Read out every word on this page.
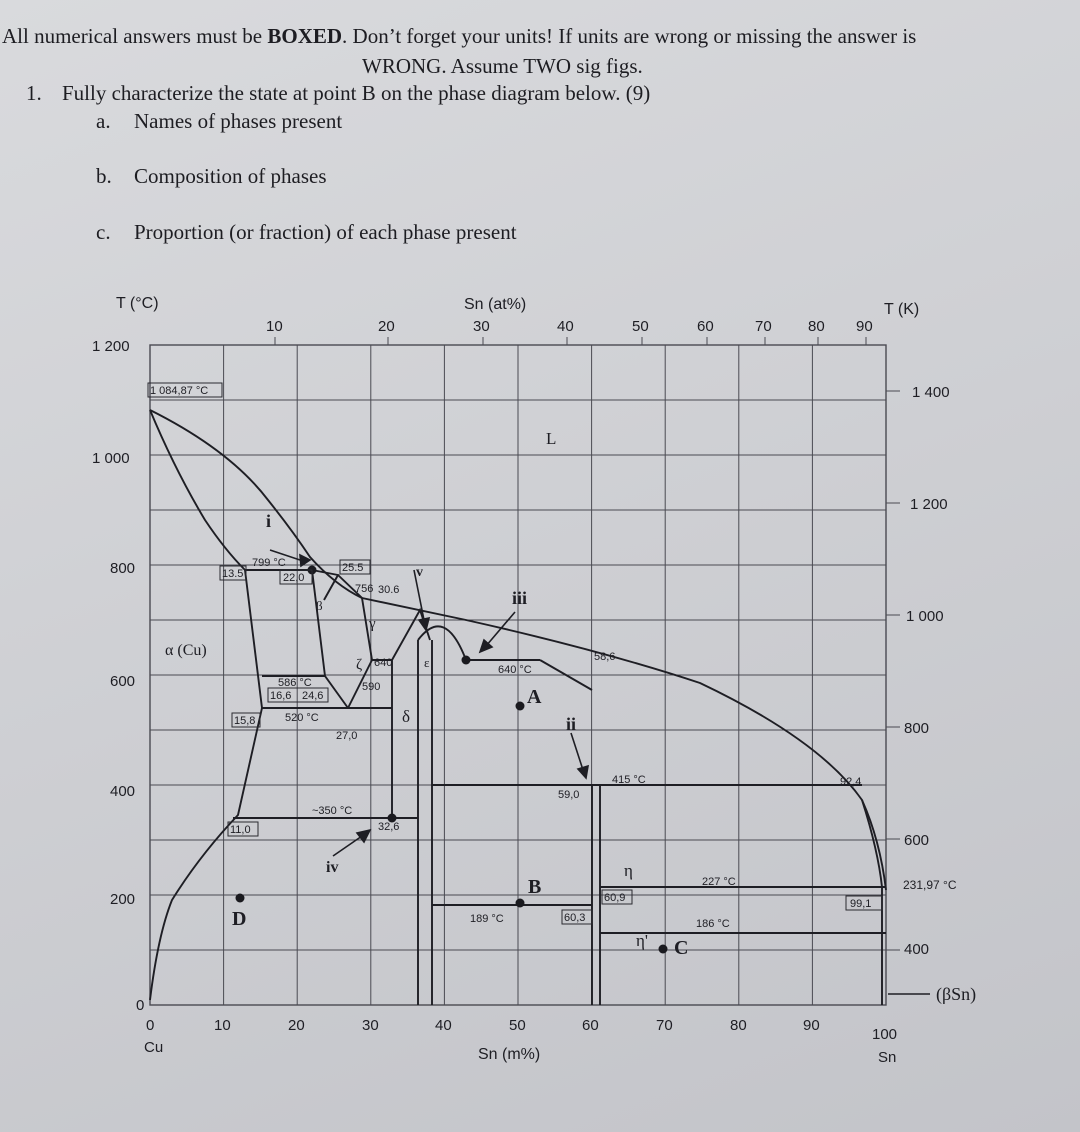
All numerical answers must be BOXED. Don’t forget your units! If units are wrong or missing the answer is
WRONG. Assume TWO sig figs.
1. Fully characterize the state at point B on the phase diagram below. (9)
a. Names of phases present
b. Composition of phases
c. Proportion (or fraction) of each phase present
T (°C)	T (K)
Sn (at%)
Sn (m%)
Cu
Sn
1 200
1 000
800
600
400
200
0
1 400
1 200
1 000
800
600
400
10	20	30	40	50	60	70 80 90
0	10	20	30	40	50	60	70	80	90
100
1 084,87 °C
799 °C
756
640
590
586 °C
520 °C
~350 °C
640 °C
415 °C
227 °C
189 °C	186 °C
231,97 °C
13.5	22,0
25.5
30.6
15,8
16,6 24,6
27,0
11,0	32,6
58,6
59,0
60,9
60,3
92,4
99,1
α (Cu)
L
β
γ
ζ
δ
ε
η
η'
(βSn)
i
ii
iii
iv
v
A
B
C
D
